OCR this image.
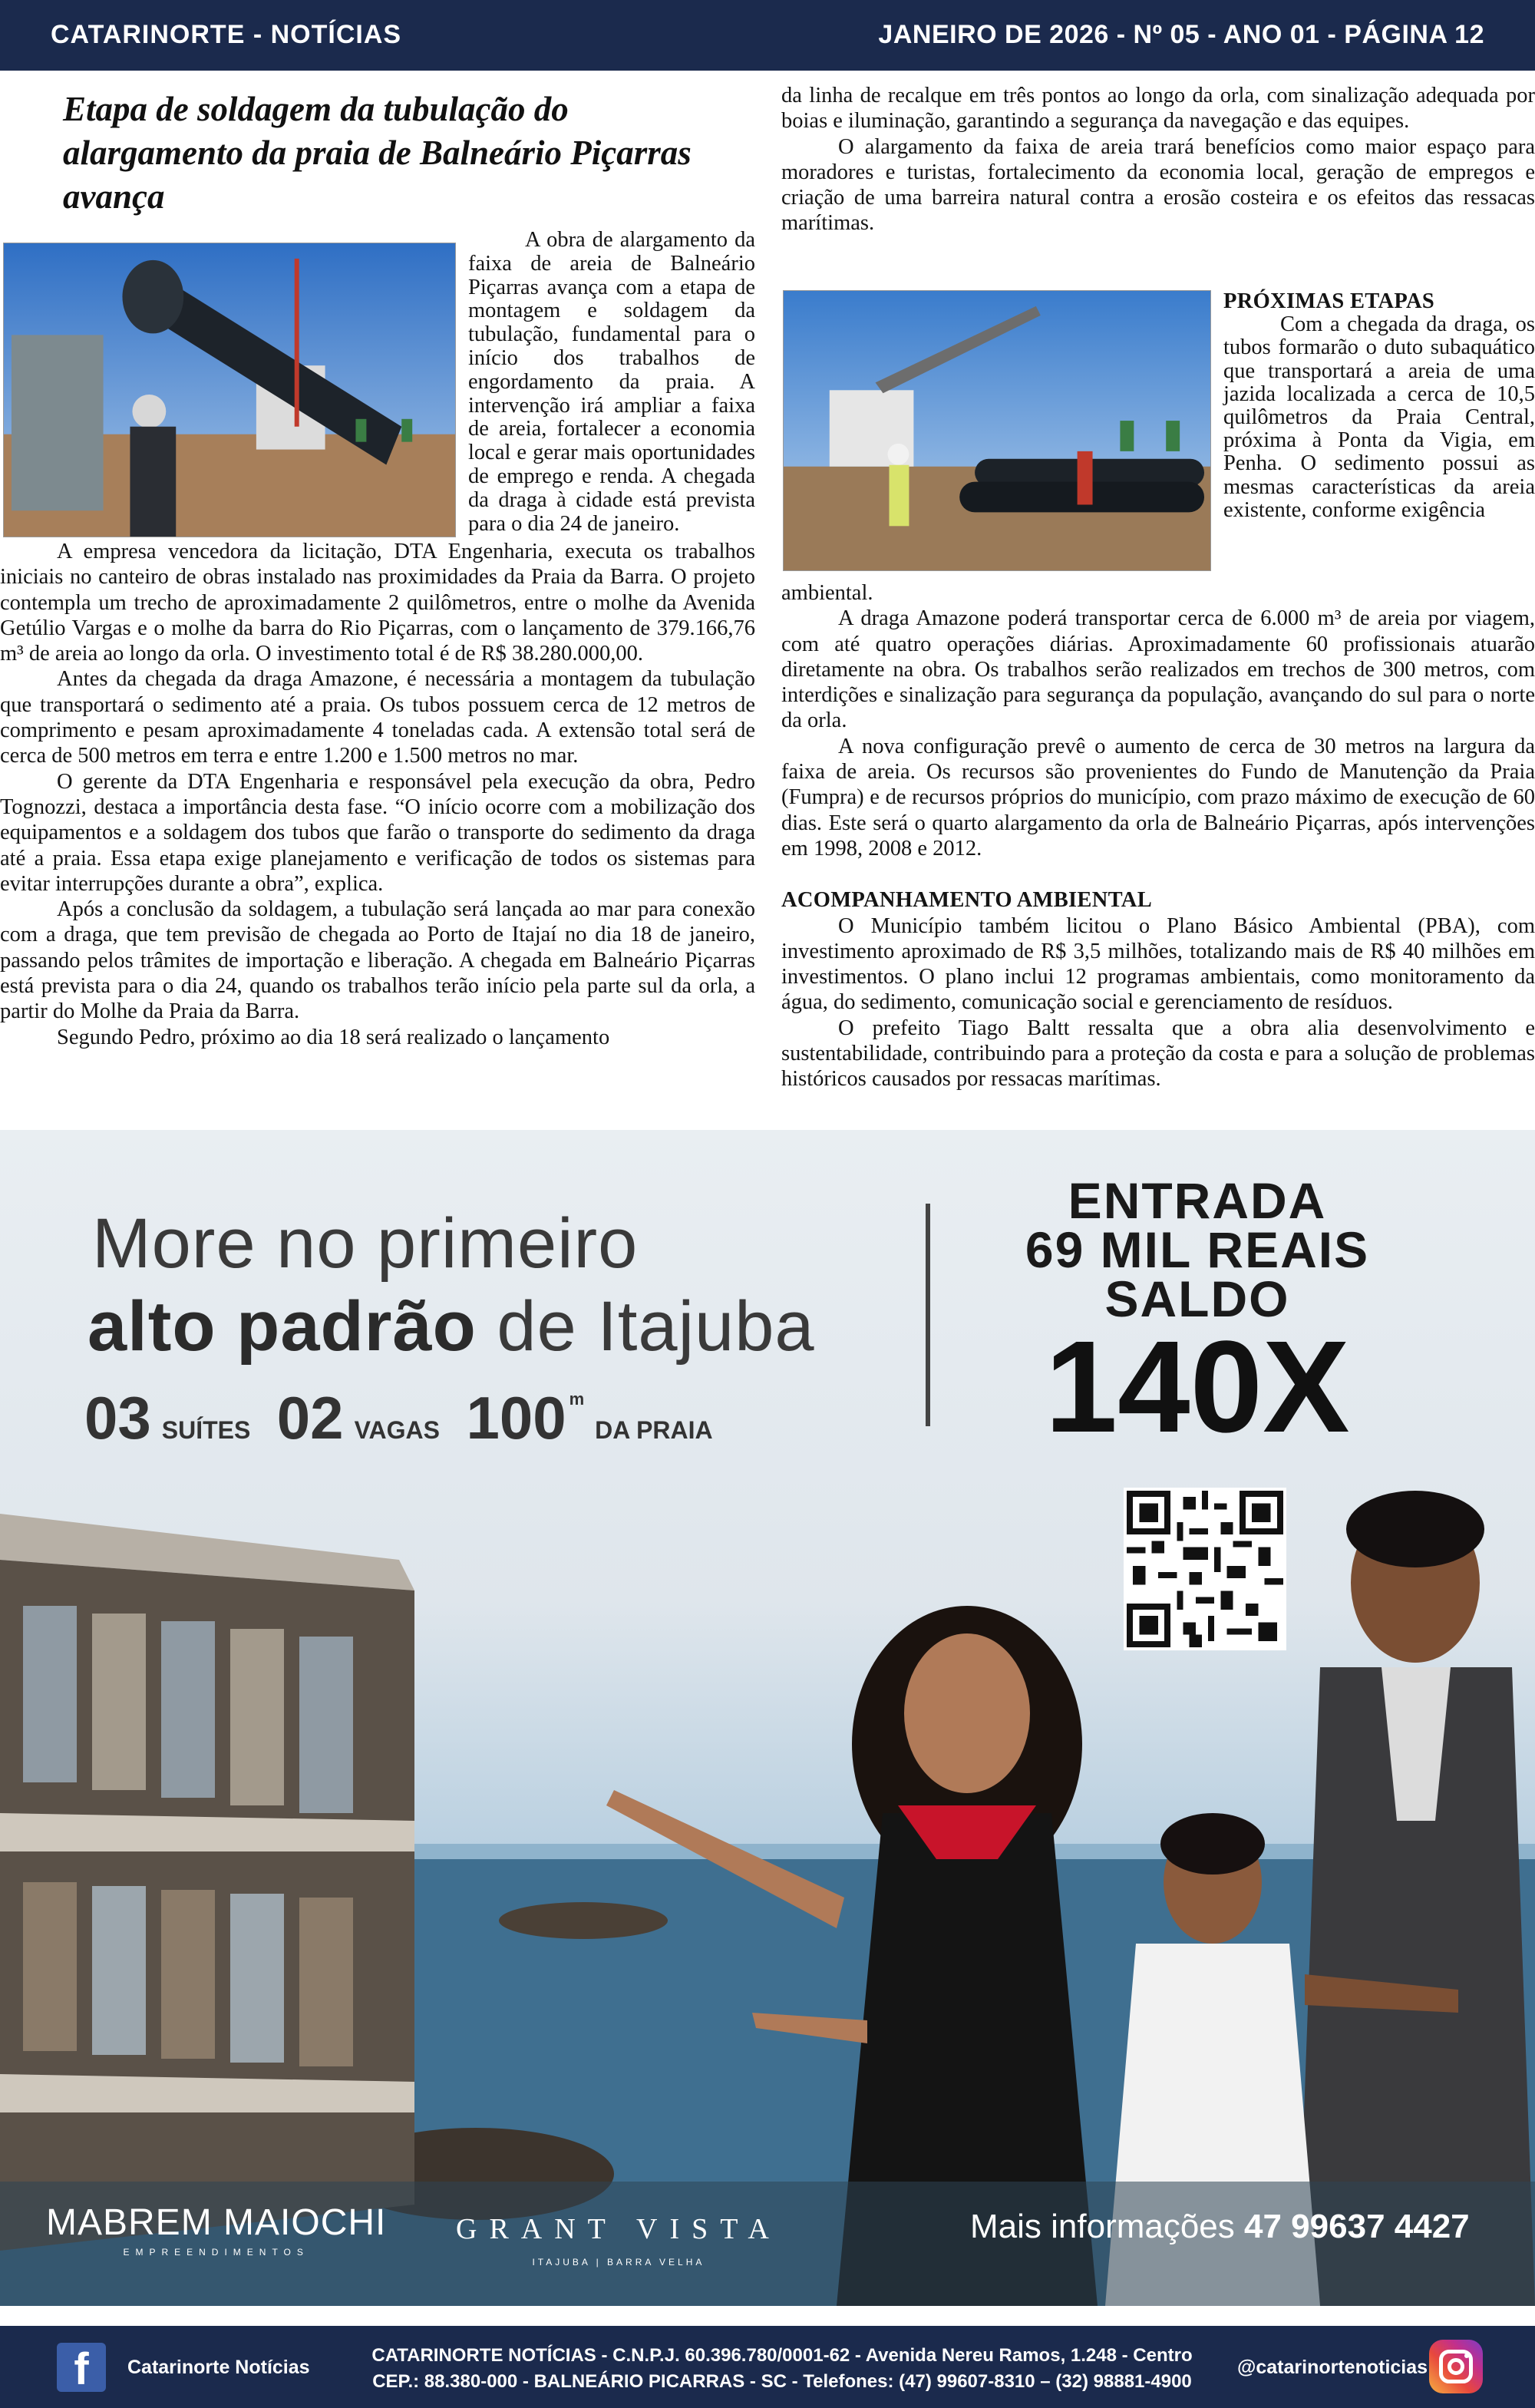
CATARINORTE - NOTÍCIAS	JANEIRO DE 2026 - Nº 05 - ANO 01 - PÁGINA 12
Etapa de soldagem da tubulação do alargamento da praia de Balneário Piçarras avança

A obra de alargamento da faixa de areia de Balneário Piçarras avança com a etapa de montagem e soldagem da tubulação, fundamental para o início dos trabalhos de engordamento da praia. A intervenção irá ampliar a faixa de areia, fortalecer a economia local e gerar mais oportunidades de emprego e renda. A chegada da draga à cidade está prevista para o dia 24 de janeiro.

A empresa vencedora da licitação, DTA Engenharia, executa os trabalhos iniciais no canteiro de obras instalado nas proximidades da Praia da Barra. O projeto contempla um trecho de aproximadamente 2 quilômetros, entre o molhe da Avenida Getúlio Vargas e o molhe da barra do Rio Piçarras, com o lançamento de 379.166,76 m³ de areia ao longo da orla. O investimento total é de R$ 38.280.000,00.

Antes da chegada da draga Amazone, é necessária a montagem da tubulação que transportará o sedimento até a praia. Os tubos possuem cerca de 12 metros de comprimento e pesam aproximadamente 4 toneladas cada. A extensão total será de cerca de 500 metros em terra e entre 1.200 e 1.500 metros no mar.

O gerente da DTA Engenharia e responsável pela execução da obra, Pedro Tognozzi, destaca a importância desta fase. “O início ocorre com a mobilização dos equipamentos e a soldagem dos tubos que farão o transporte do sedimento da draga até a praia. Essa etapa exige planejamento e verificação de todos os sistemas para evitar interrupções durante a obra”, explica.

Após a conclusão da soldagem, a tubulação será lançada ao mar para conexão com a draga, que tem previsão de chegada ao Porto de Itajaí no dia 18 de janeiro, passando pelos trâmites de importação e liberação. A chegada em Balneário Piçarras está prevista para o dia 24, quando os trabalhos terão início pela parte sul da orla, a partir do Molhe da Praia da Barra.

Segundo Pedro, próximo ao dia 18 será realizado o lançamento

da linha de recalque em três pontos ao longo da orla, com sinalização adequada por boias e iluminação, garantindo a segurança da navegação e das equipes.

O alargamento da faixa de areia trará benefícios como maior espaço para moradores e turistas, fortalecimento da economia local, geração de empregos e criação de uma barreira natural contra a erosão costeira e os efeitos das ressacas marítimas.

PRÓXIMAS ETAPAS

Com a chegada da draga, os tubos formarão o duto subaquático que transportará a areia de uma jazida localizada a cerca de 10,5 quilômetros da Praia Central, próxima à Ponta da Vigia, em Penha. O sedimento possui as mesmas características da areia existente, conforme exigência

ambiental.

A draga Amazone poderá transportar cerca de 6.000 m³ de areia por viagem, com até quatro operações diárias. Aproximadamente 60 profissionais atuarão diretamente na obra. Os trabalhos serão realizados em trechos de 300 metros, com interdições e sinalização para segurança da população, avançando do sul para o norte da orla.

A nova configuração prevê o aumento de cerca de 30 metros na largura da faixa de areia. Os recursos são provenientes do Fundo de Manutenção da Praia (Fumpra) e de recursos próprios do município, com prazo máximo de execução de 60 dias. Este será o quarto alargamento da orla de Balneário Piçarras, após intervenções em 1998, 2008 e 2012.

ACOMPANHAMENTO AMBIENTAL

O Município também licitou o Plano Básico Ambiental (PBA), com investimento aproximado de R$ 3,5 milhões, totalizando mais de R$ 40 milhões em investimentos. O plano inclui 12 programas ambientais, como monitoramento da água, do sedimento, comunicação social e gerenciamento de resíduos.

O prefeito Tiago Baltt ressalta que a obra alia desenvolvimento e sustentabilidade, contribuindo para a proteção da costa e para a solução de problemas históricos causados por ressacas marítimas.

More no primeiro
alto padrão de Itajuba
03 SUÍTES 02 VAGAS 100 $^m$DA PRAIA
ENTRADA
69 MIL REAIS
SALDO
140X
MABREM MAIOCHI
EMPREENDIMENTOS
GRANT VISTA
ITAJUBA | BARRA VELHA
Mais informações 47 99637 4427
f	Catarinorte Notícias
CATARINORTE NOTÍCIAS - C.N.P.J. 60.396.780/0001-62 - Avenida Nereu Ramos, 1.248 - Centro
CEP.: 88.380-000 - BALNEÁRIO PICARRAS - SC - Telefones: (47) 99607-8310 – (32) 98881-4900
@catarinortenoticias
